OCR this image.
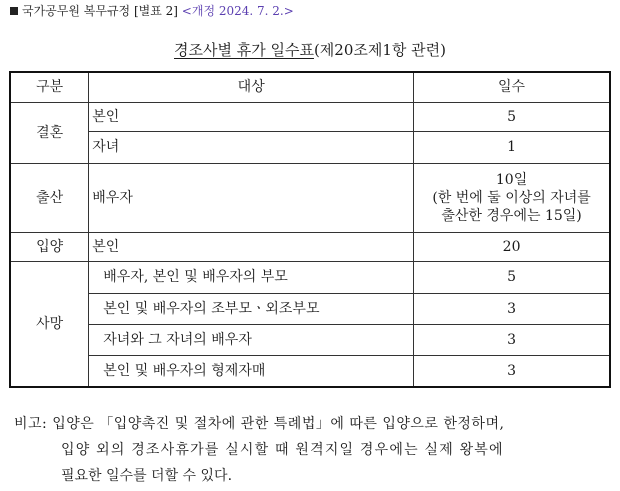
국가공무원 복무규정 [별표 2] <개정 2024. 7. 2.>
경조사별 휴가 일수표(제20조제1항 관련)
구분	대상	일수
결혼	본인	5
	자녀	1
출산	배우자	10일
(한 번에 둘 이상의 자녀를
출산한 경우에는 15일)

입양	본인	20
사망	배우자, 본인 및 배우자의 부모	5
	본인 및 배우자의 조부모ㆍ외조부모	3
	자녀와 그 자녀의 배우자	3
	본인 및 배우자의 형제자매	3
비고: 입양은 「입양촉진 및 절차에 관한 특례법」에 따른 입양으로 한정하며,
입양 외의 경조사휴가를 실시할 때 원격지일 경우에는 실제 왕복에
필요한 일수를 더할 수 있다.
